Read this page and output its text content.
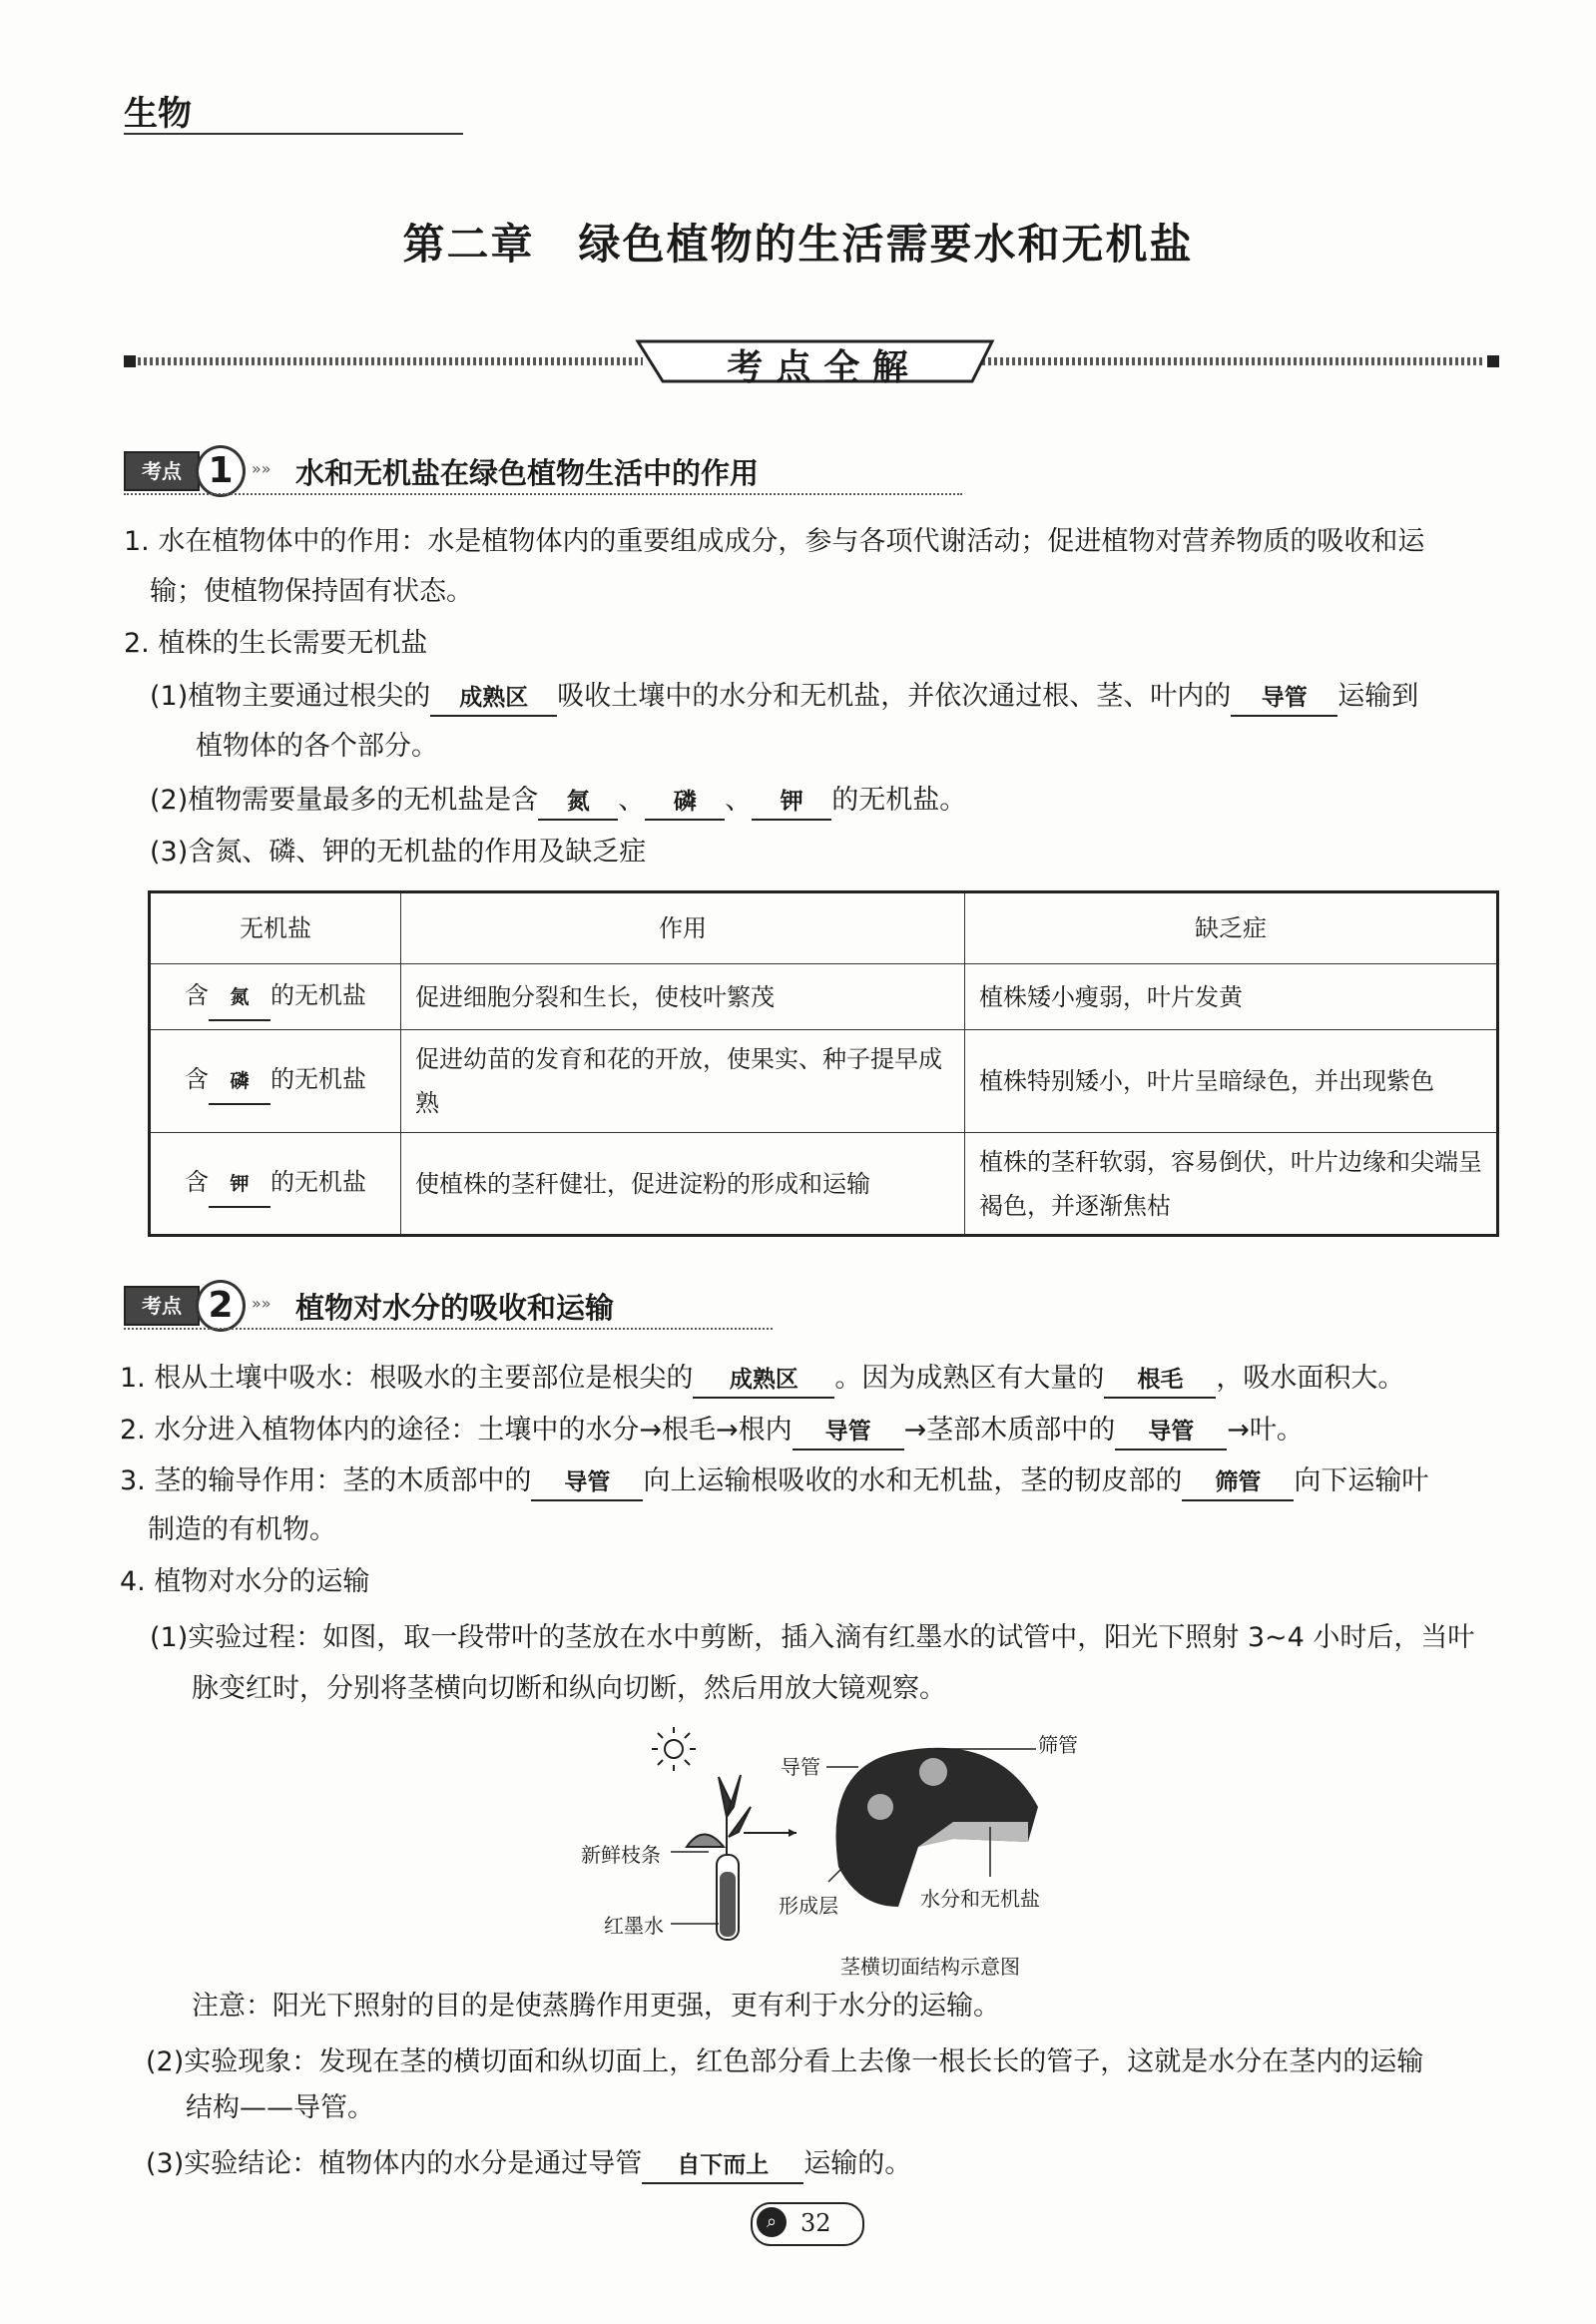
生物
第二章　绿色植物的生活需要水和无机盐
考 点 全 解
考点 1	»» 水和无机盐在绿色植物生活中的作用
1. 水在植物体中的作用：水是植物体内的重要组成成分，参与各项代谢活动；促进植物对营养物质的吸收和运
输；使植物保持固有状态。
2. 植株的生长需要无机盐
(1)植物主要通过根尖的 成熟区 吸收土壤中的水分和无机盐，并依次通过根、茎、叶内的 导管 运输到
植物体的各个部分。
(2)植物需要量最多的无机盐是含 氮 、 磷 、 钾 的无机盐。
(3)含氮、磷、钾的无机盐的作用及缺乏症
无机盐	作用	缺乏症
含 氮 的无机盐	促进细胞分裂和生长，使枝叶繁茂	植株矮小瘦弱，叶片发黄
含 磷 的无机盐	促进幼苗的发育和花的开放，使果实、种子提早成熟	植株特别矮小，叶片呈暗绿色，并出现紫色
含 钾 的无机盐	使植株的茎秆健壮，促进淀粉的形成和运输	植株的茎秆软弱，容易倒伏，叶片边缘和尖端呈褐色，并逐渐焦枯
考点 2	»» 植物对水分的吸收和运输
1. 根从土壤中吸水：根吸水的主要部位是根尖的 成熟区 。因为成熟区有大量的 根毛 ，吸水面积大。
2. 水分进入植物体内的途径：土壤中的水分→根毛→根内 导管 →茎部木质部中的 导管 →叶。
3. 茎的输导作用：茎的木质部中的 导管 向上运输根吸收的水和无机盐，茎的韧皮部的 筛管 向下运输叶
制造的有机物。
4. 植物对水分的运输
(1)实验过程：如图，取一段带叶的茎放在水中剪断，插入滴有红墨水的试管中，阳光下照射 3~4 小时后，当叶
脉变红时，分别将茎横向切断和纵向切断，然后用放大镜观察。
导管
筛管
新鲜枝条
红墨水
形成层	水分和无机盐
茎横切面结构示意图
注意：阳光下照射的目的是使蒸腾作用更强，更有利于水分的运输。
(2)实验现象：发现在茎的横切面和纵切面上，红色部分看上去像一根长长的管子，这就是水分在茎内的运输
结构——导管。
(3)实验结论：植物体内的水分是通过导管 自下而上 运输的。
⌕ 32
